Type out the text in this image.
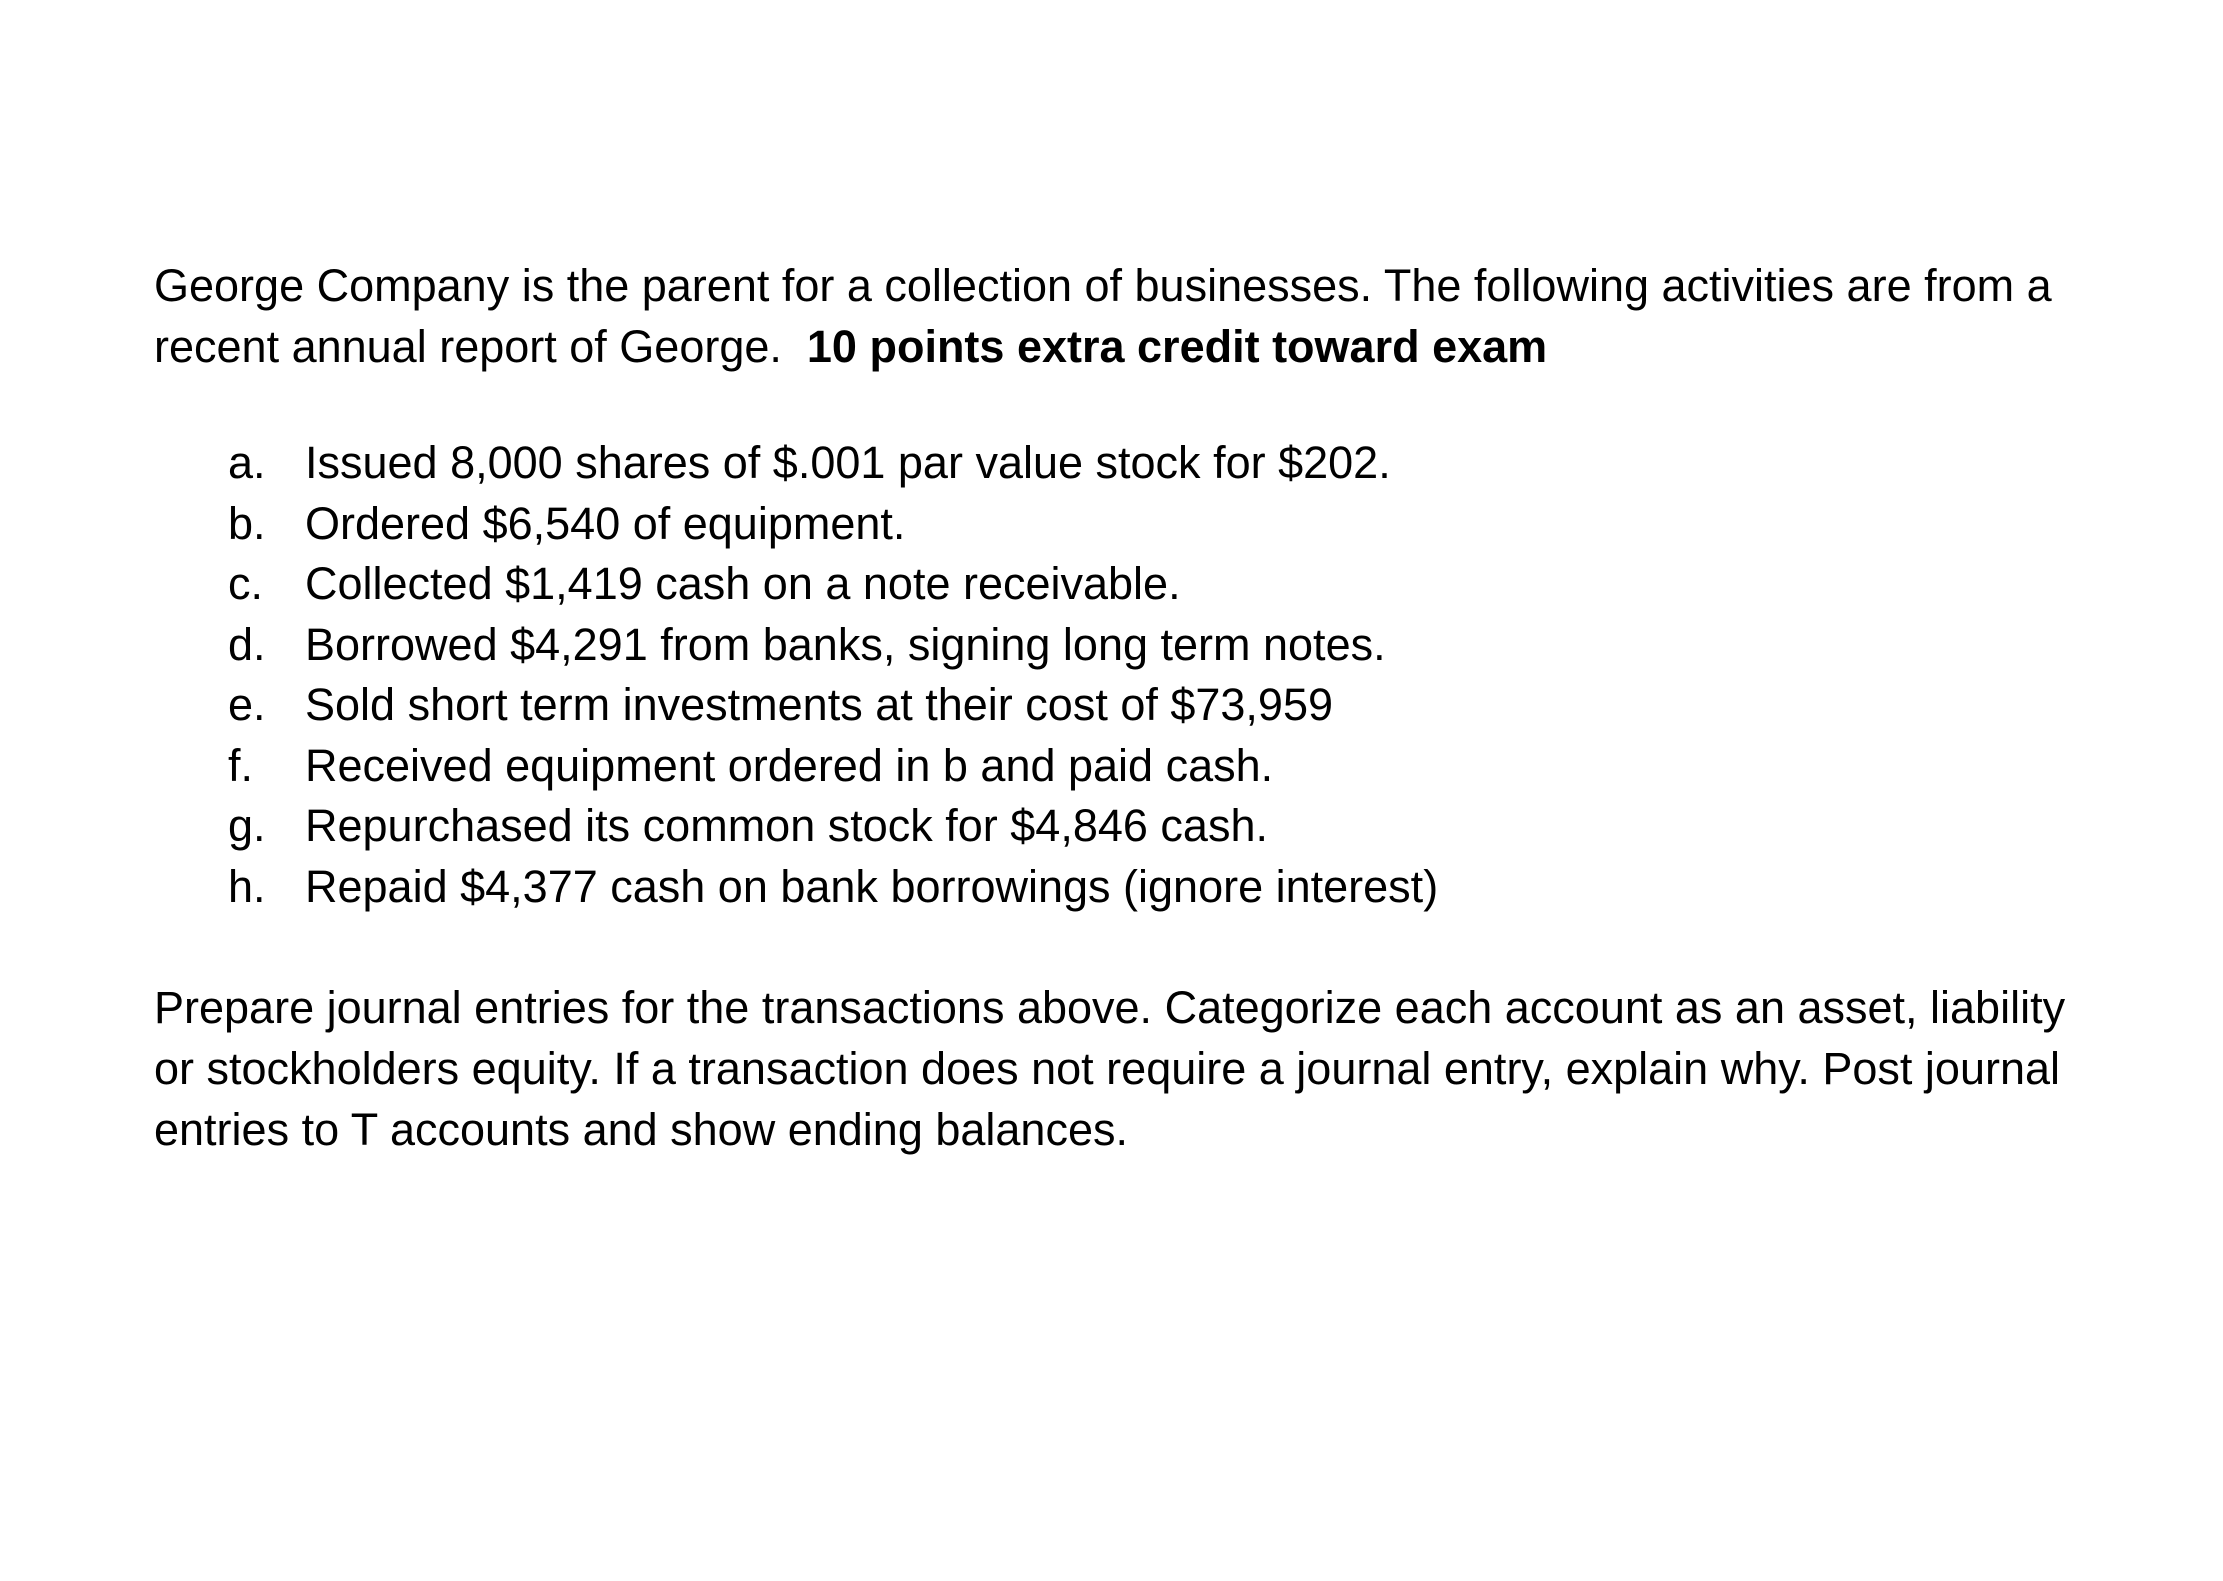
George Company is the parent for a collection of businesses. The following activities are from a recent annual report of George. 10 points extra credit toward exam

a. Issued 8,000 shares of $.001 par value stock for $202.
b. Ordered $6,540 of equipment.
c. Collected $1,419 cash on a note receivable.
d. Borrowed $4,291 from banks, signing long term notes.
e. Sold short term investments at their cost of $73,959
f.	Received equipment ordered in b and paid cash.
g. Repurchased its common stock for $4,846 cash.
h. Repaid $4,377 cash on bank borrowings (ignore interest)

Prepare journal entries for the transactions above. Categorize each account as an asset, liability or stockholders equity. If a transaction does not require a journal entry, explain why. Post journal entries to T accounts and show ending balances.
